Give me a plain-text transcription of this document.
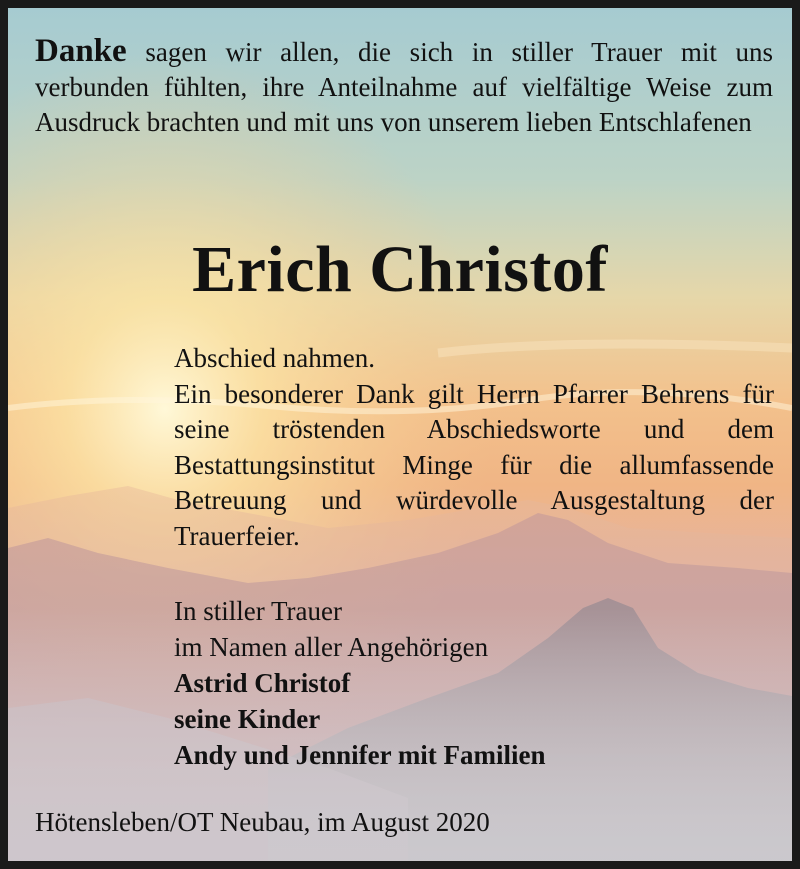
Danke sagen wir allen, die sich in stiller Trauer mit uns verbunden fühlten, ihre Anteilnahme auf vielfältige Weise zum Ausdruck brachten und mit uns von unserem lieben Entschlafenen

Erich Christof

Abschied nahmen.

Ein besonderer Dank gilt Herrn Pfarrer Behrens für seine tröstenden Abschiedsworte und dem Bestattungsinstitut Minge für die allumfassende Betreuung und würdevolle Ausgestaltung der Trauerfeier.

In stiller Trauer
im Namen aller Angehörigen
Astrid Christof
seine Kinder
Andy und Jennifer mit Familien
Hötensleben/OT Neubau, im August 2020
